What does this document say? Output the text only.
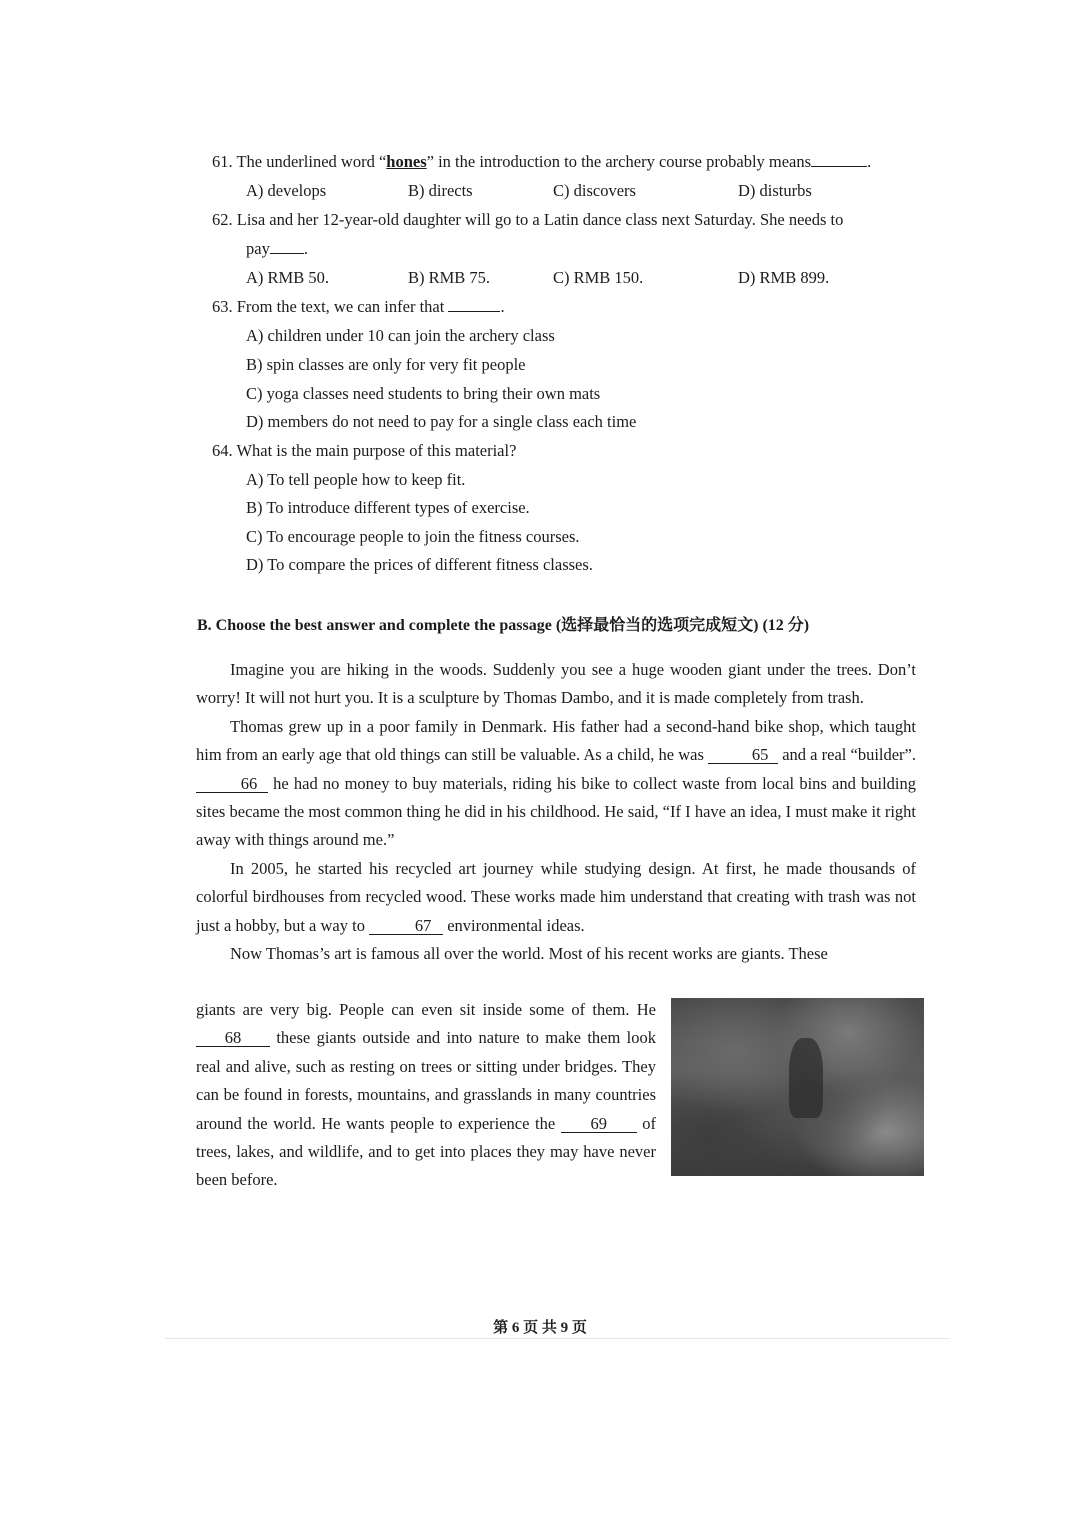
61. The underlined word “hones” in the introduction to the archery course probably means	.
A) develops	B) directs	C) discovers	D) disturbs
62. Lisa and her 12-year-old daughter will go to a Latin dance class next Saturday. She needs to
pay .
A) RMB 50.	B) RMB 75.	C) RMB 150.	D) RMB 899.
63. From the text, we can infer that	.
A) children under 10 can join the archery class
B) spin classes are only for very fit people
C) yoga classes need students to bring their own mats
D) members do not need to pay for a single class each time
64. What is the main purpose of this material?
A) To tell people how to keep fit.
B) To introduce different types of exercise.
C) To encourage people to join the fitness courses.
D) To compare the prices of different fitness classes.
B. Choose the best answer and complete the passage (选择最恰当的选项完成短文) (12 分)

Imagine you are hiking in the woods. Suddenly you see a huge wooden giant under the trees. Don’t worry! It will not hurt you. It is a sculpture by Thomas Dambo, and it is made completely from trash.

Thomas grew up in a poor family in Denmark. His father had a second-hand bike shop, which taught him from an early age that old things can still be valuable. As a child, he was	65 and a real “builder”. 66 he had no money to buy materials, riding his bike to collect waste from local bins and building sites became the most common thing he did in his childhood. He said, “If I have an idea, I must make it right away with things around me.”

In 2005, he started his recycled art journey while studying design. At first, he made thousands of colorful birdhouses from recycled wood. These works made him understand that creating with trash was not just a hobby, but a way to	67 environmental ideas.

Now Thomas’s art is famous all over the world. Most of his recent works are giants. These

giants are very big. People can even sit inside some of them. He 68 these giants outside and into nature to make them look real and alive, such as resting on trees or sitting under bridges. They can be found in forests, mountains, and grasslands in many countries around the world. He wants people to experience the 69 of trees, lakes, and wildlife, and to get into places they may have never been before.

第 6 页 共 9 页
